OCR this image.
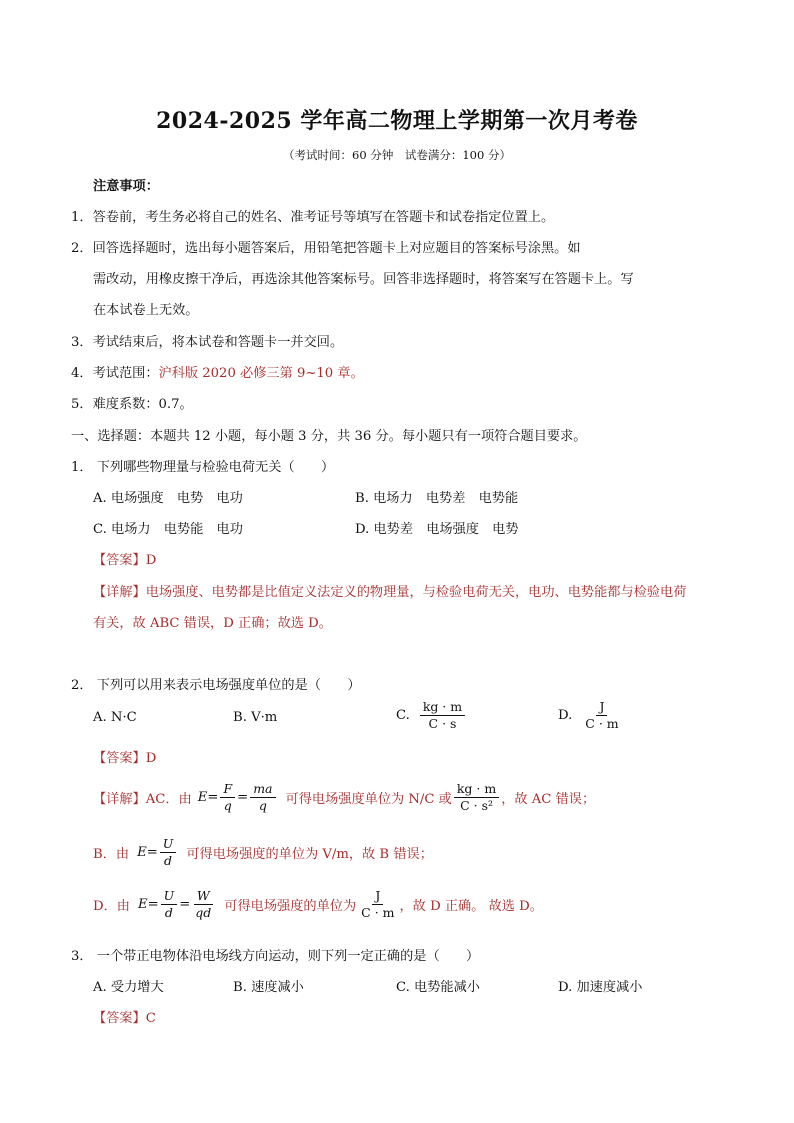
2024-2025 学年高二物理上学期第一次月考卷
（考试时间：60 分钟　试卷满分：100 分）
注意事项：
1．答卷前，考生务必将自己的姓名、准考证号等填写在答题卡和试卷指定位置上。
2．回答选择题时，选出每小题答案后，用铅笔把答题卡上对应题目的答案标号涂黑。如
需改动，用橡皮擦干净后，再选涂其他答案标号。回答非选择题时，将答案写在答题卡上。写
在本试卷上无效。
3．考试结束后，将本试卷和答题卡一并交回。
4．考试范围：沪科版 2020 必修三第 9~10 章。
5．难度系数：0.7。
一、选择题：本题共 12 小题，每小题 3 分，共 36 分。每小题只有一项符合题目要求。
1． 下列哪些物理量与检验电荷无关（　　）
A. 电场强度　电势　电功	B. 电场力　电势差　电势能
C. 电场力　电势能　电功	D. 电势差　电场强度　电势
【答案】D
【详解】电场强度、电势都是比值定义法定义的物理量，与检验电荷无关，电功、电势能都与检验电荷
有关，故 ABC 错误，D 正确；故选 D。
2． 下列可以用来表示电场强度单位的是（　　）
A. N·C	B. V·m	C. $\frac{kg \cdot m}{C \cdot s}$	D. $\frac{J}{C \cdot m}$
【答案】D
【详解】AC．由 $E = \frac{F}{q} = \frac{ma}{q}$ 可得电场强度单位为 N/C 或 $\frac{kg \cdot m}{\text{C · s²}}$ ，故 AC 错误；
B．由 $E = \frac{U}{d}$ 可得电场强度的单位为 V/m，故 B 错误；
D．由 $E = \frac{U}{d} = \frac{W}{qd}$ 可得电场强度的单位为 $\frac{J}{C \cdot m}$ ，故 D 正确。 故选 D。
3． 一个带正电物体沿电场线方向运动，则下列一定正确的是（　　）
A. 受力增大	B. 速度减小	C. 电势能减小	D. 加速度减小
【答案】C
